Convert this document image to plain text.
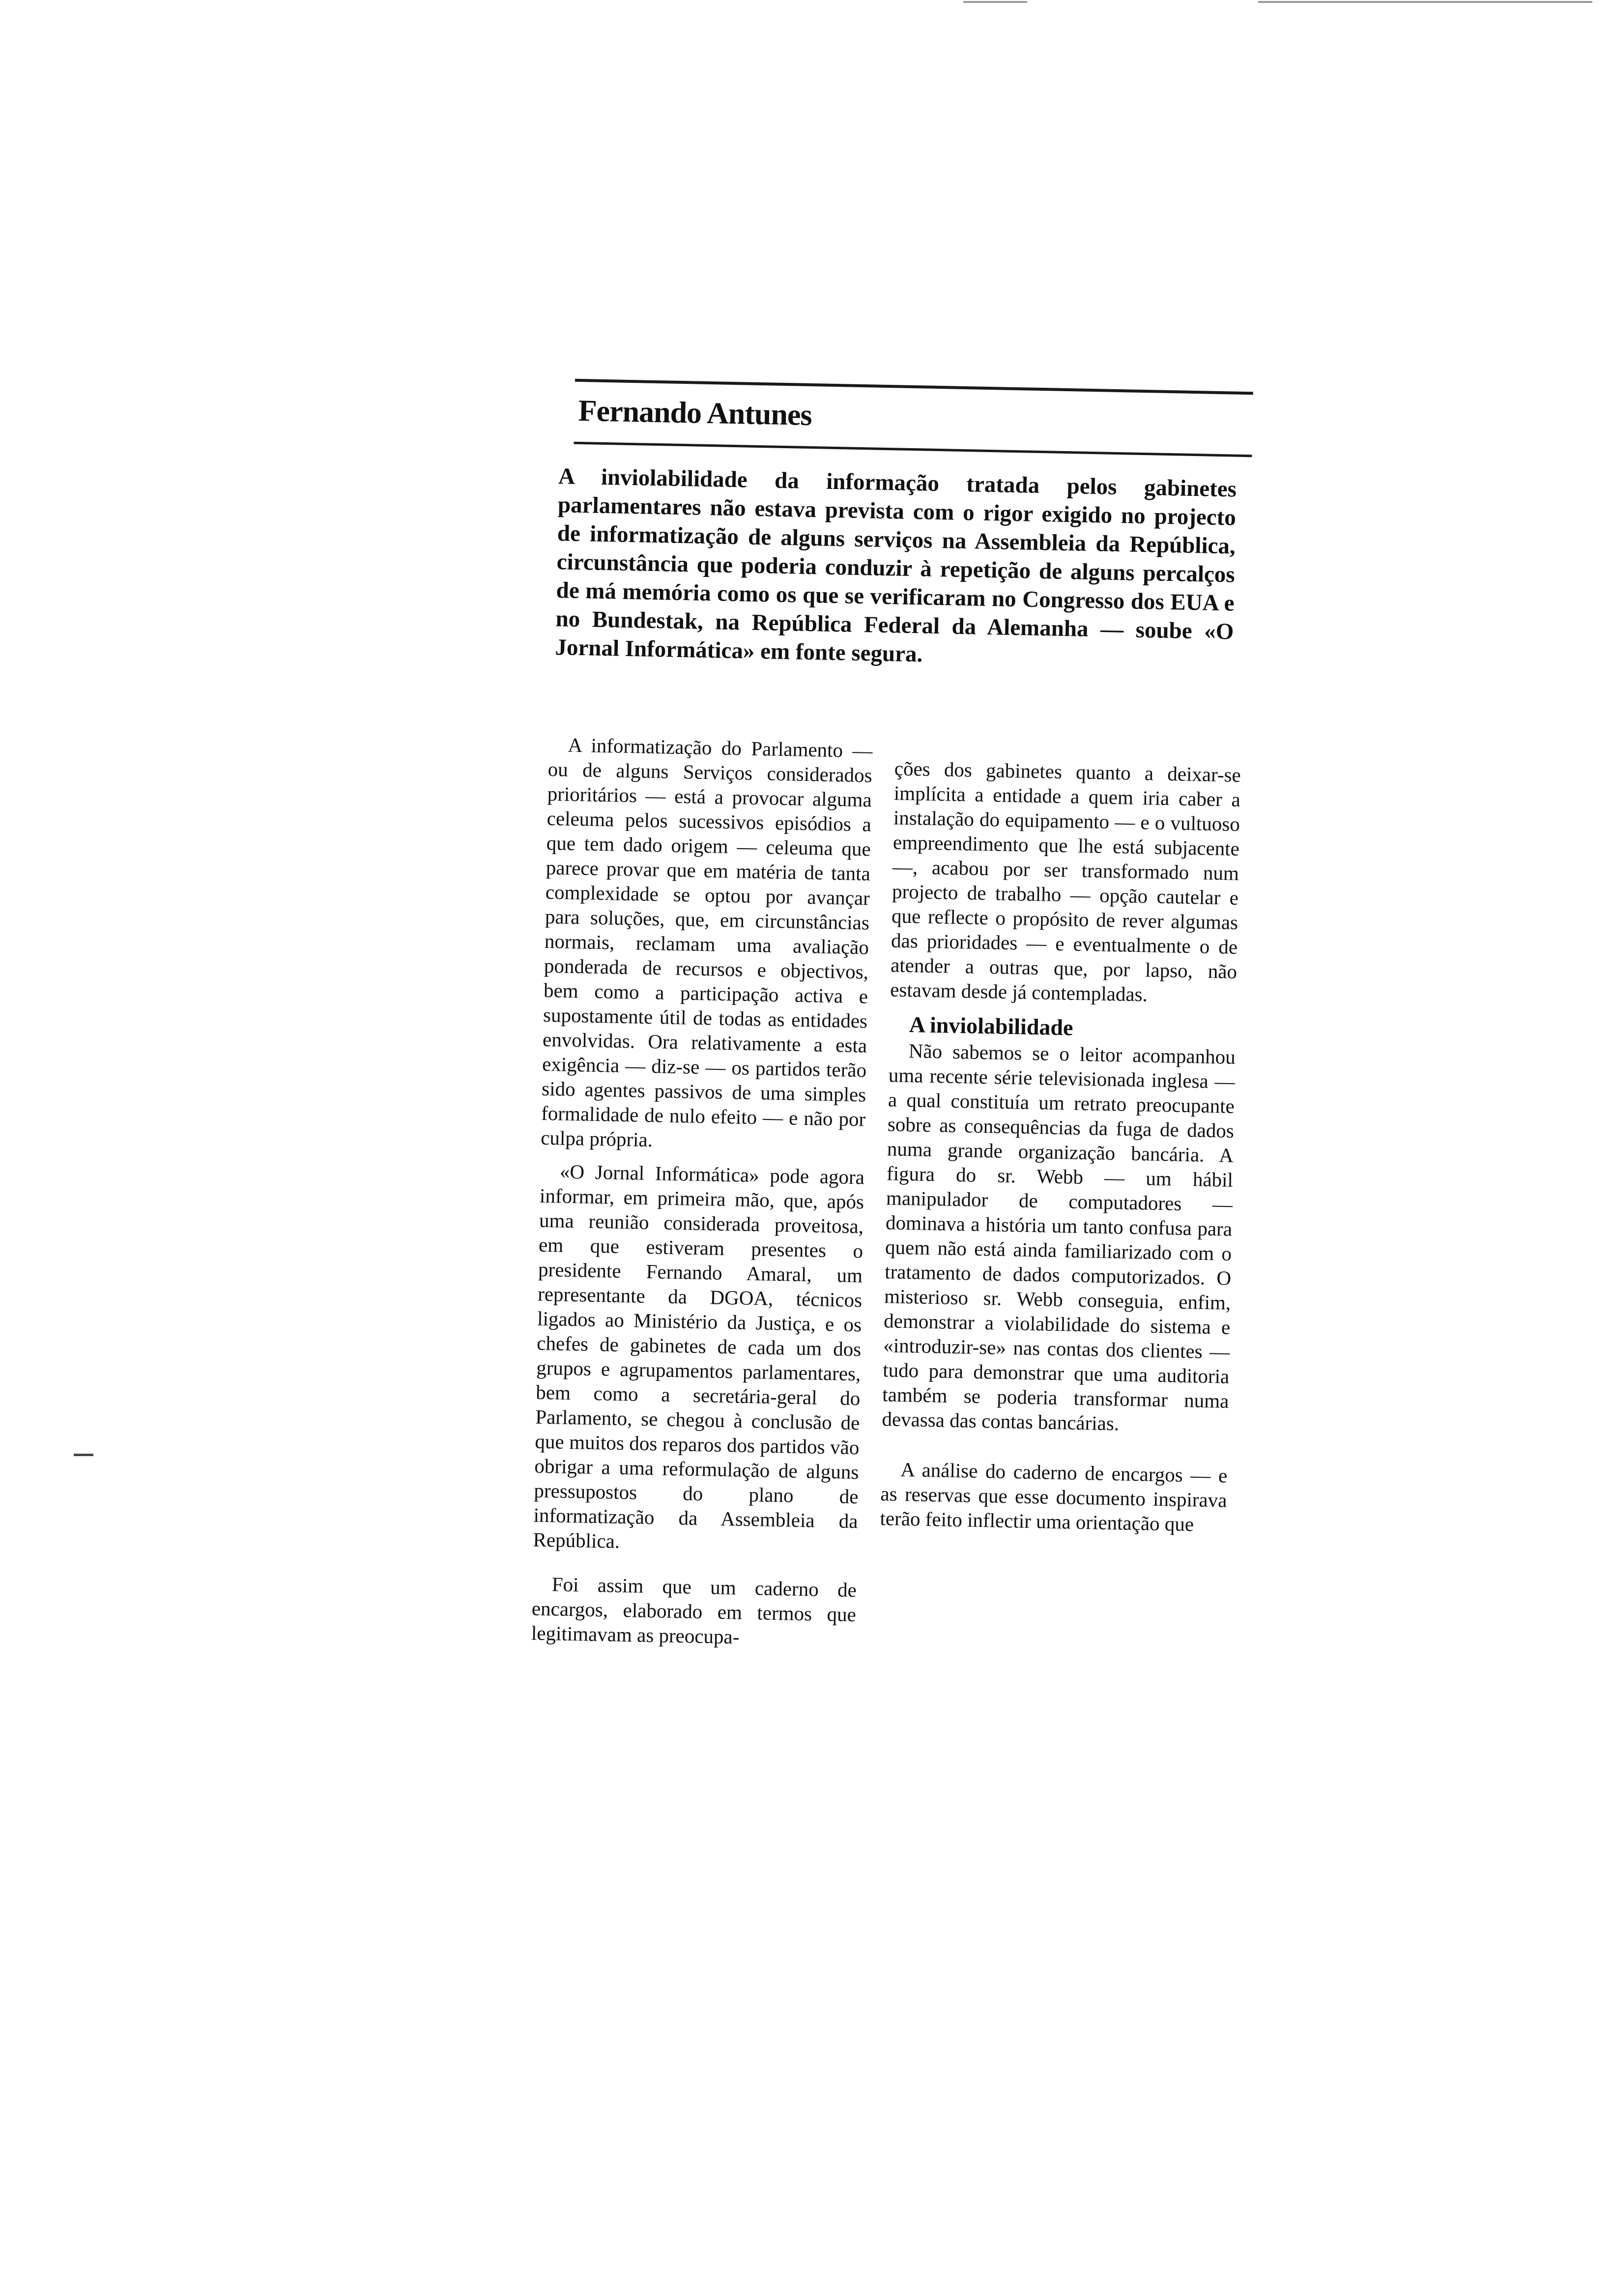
Fernando Antunes
A inviolabilidade da informação tratada pelos gabinetes parlamentares não estava prevista com o rigor exigido no projecto de informatização de alguns serviços na Assembleia da República, circunstância que poderia conduzir à repetição de alguns percalços de má memória como os que se verificaram no Congresso dos EUA e no Bundestak, na República Federal da Alemanha — soube «O Jornal Informática» em fonte segura.

A informatização do Parlamento — ou de alguns Serviços considerados prioritários — está a provocar alguma celeuma pelos sucessivos episódios a que tem dado origem — celeuma que parece provar que em matéria de tanta complexidade se optou por avançar para soluções, que, em circunstâncias normais, reclamam uma avaliação ponderada de recursos e objectivos, bem como a participação activa e supostamente útil de todas as entidades envolvidas. Ora relativamente a esta exigência — diz-se — os partidos terão sido agentes passivos de uma simples formalidade de nulo efeito — e não por culpa própria.

«O Jornal Informática» pode agora informar, em primeira mão, que, após uma reunião considerada proveitosa, em que estiveram presentes o presidente Fernando Amaral, um representante da DGOA, técnicos ligados ao Ministério da Justiça, e os chefes de gabinetes de cada um dos grupos e agrupamentos parlamentares, bem como a secretária-geral do Parlamento, se chegou à conclusão de que muitos dos reparos dos partidos vão obrigar a uma reformulação de alguns pressupostos do plano de informatização da Assembleia da República.

Foi assim que um caderno de encargos, elaborado em termos que legitimavam as preocupa-

ções dos gabinetes quanto a deixar-se implícita a entidade a quem iria caber a instalação do equipamento — e o vultuoso empreendimento que lhe está subjacente —, acabou por ser transformado num projecto de trabalho — opção cautelar e que reflecte o propósito de rever algumas das prioridades — e eventualmente o de atender a outras que, por lapso, não estavam desde já contempladas.

A inviolabilidade

Não sabemos se o leitor acompanhou uma recente série televisionada inglesa — a qual constituía um retrato preocupante sobre as consequências da fuga de dados numa grande organização bancária. A figura do sr. Webb — um hábil manipulador de computadores — dominava a história um tanto confusa para quem não está ainda familiarizado com o tratamento de dados computorizados. O misterioso sr. Webb conseguia, enfim, demonstrar a violabilidade do sistema e «introduzir-se» nas contas dos clientes — tudo para demonstrar que uma auditoria também se poderia transformar numa devassa das contas bancárias.

A análise do caderno de encargos — e as reservas que esse documento inspirava terão feito inflectir uma orientação que
